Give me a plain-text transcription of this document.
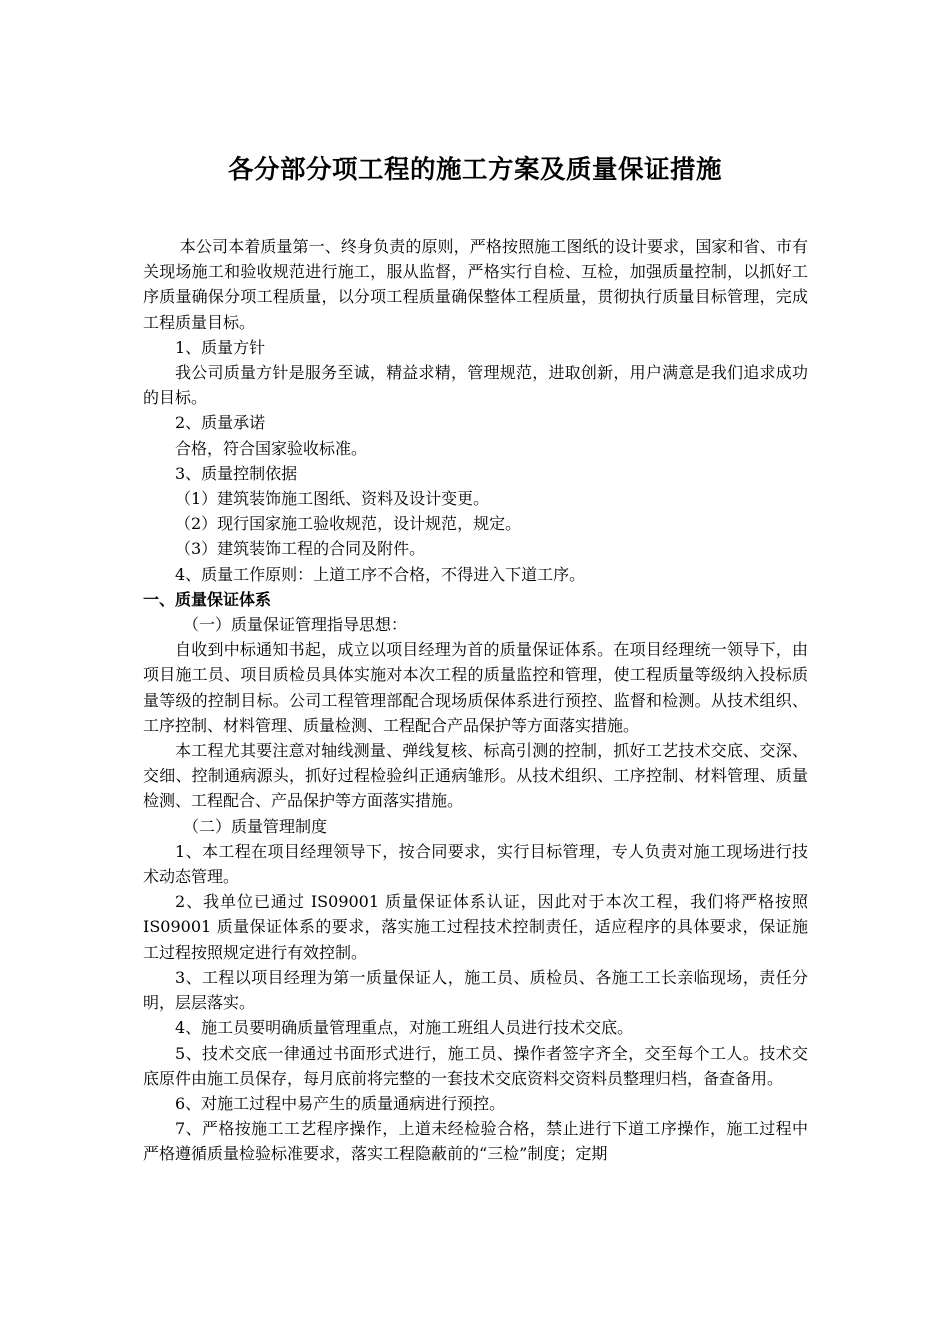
各分部分项工程的施工方案及质量保证措施

本公司本着质量第一、终身负责的原则，严格按照施工图纸的设计要求，国家和省、市有关现场施工和验收规范进行施工，服从监督，严格实行自检、互检，加强质量控制，以抓好工序质量确保分项工程质量，以分项工程质量确保整体工程质量，贯彻执行质量目标管理，完成工程质量目标。

1、质量方针

我公司质量方针是服务至诚，精益求精，管理规范，进取创新，用户满意是我们追求成功的目标。

2、质量承诺

合格，符合国家验收标准。

3、质量控制依据

（1）建筑装饰施工图纸、资料及设计变更。

（2）现行国家施工验收规范，设计规范，规定。

（3）建筑装饰工程的合同及附件。

4、质量工作原则：上道工序不合格，不得进入下道工序。

一、质量保证体系

（一）质量保证管理指导思想：

自收到中标通知书起，成立以项目经理为首的质量保证体系。在项目经理统一领导下，由项目施工员、项目质检员具体实施对本次工程的质量监控和管理，使工程质量等级纳入投标质量等级的控制目标。公司工程管理部配合现场质保体系进行预控、监督和检测。从技术组织、工序控制、材料管理、质量检测、工程配合产品保护等方面落实措施。

本工程尤其要注意对轴线测量、弹线复核、标高引测的控制，抓好工艺技术交底、交深、交细、控制通病源头，抓好过程检验纠正通病雏形。从技术组织、工序控制、材料管理、质量检测、工程配合、产品保护等方面落实措施。

（二）质量管理制度

1、本工程在项目经理领导下，按合同要求，实行目标管理，专人负责对施工现场进行技术动态管理。

2、我单位已通过 IS09001 质量保证体系认证，因此对于本次工程，我们将严格按照 IS09001 质量保证体系的要求，落实施工过程技术控制责任，适应程序的具体要求，保证施工过程按照规定进行有效控制。

3、工程以项目经理为第一质量保证人，施工员、质检员、各施工工长亲临现场，责任分明，层层落实。

4、施工员要明确质量管理重点，对施工班组人员进行技术交底。

5、技术交底一律通过书面形式进行，施工员、操作者签字齐全，交至每个工人。技术交底原件由施工员保存，每月底前将完整的一套技术交底资料交资料员整理归档，备查备用。

6、对施工过程中易产生的质量通病进行预控。

7、严格按施工工艺程序操作，上道未经检验合格，禁止进行下道工序操作，施工过程中严格遵循质量检验标准要求，落实工程隐蔽前的“三检”制度；定期
